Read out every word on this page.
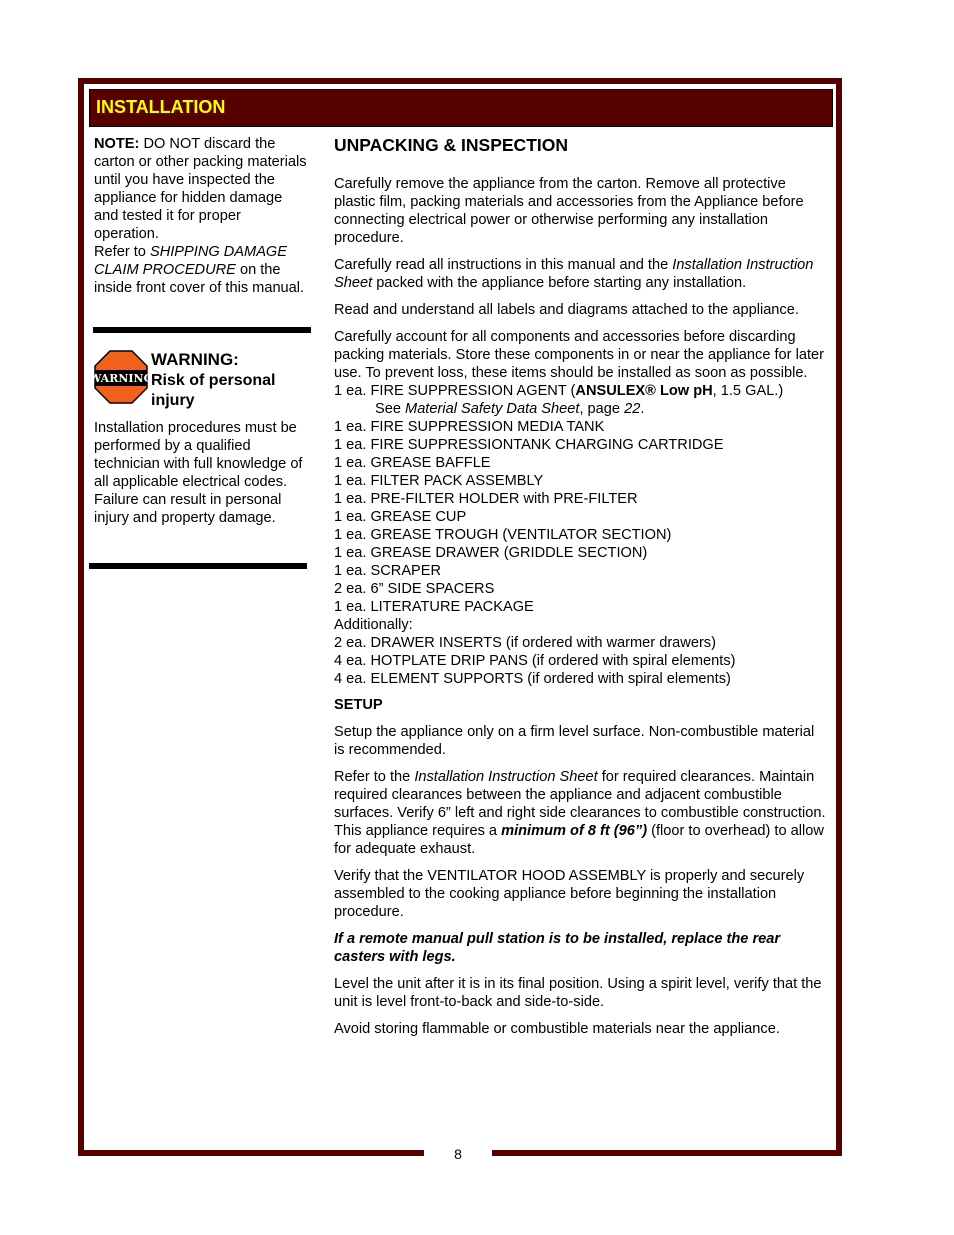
8
INSTALLATION

NOTE: DO NOT discard the carton or other packing materials until you have inspected the appliance for hidden damage and tested it for proper operation.

Refer to SHIPPING DAMAGE CLAIM PROCEDURE on the inside front cover of this manual.

WARNING
WARNING:
Risk of personal injury
Installation procedures must be performed by a qualified technician with full knowledge of all applicable electrical codes. Failure can result in personal injury and property damage.
UNPACKING & INSPECTION

Carefully remove the appliance from the carton. Remove all protective plastic film, packing materials and accessories from the Appliance before connecting electrical power or otherwise performing any installation procedure.

Carefully read all instructions in this manual and the Installation Instruction Sheet packed with the appliance before starting any installation.

Read and understand all labels and diagrams attached to the appliance.

Carefully account for all components and accessories before discarding packing materials. Store these components in or near the appliance for later use. To prevent loss, these items should be installed as soon as possible.

1 ea. FIRE SUPPRESSION AGENT (ANSULEX® Low pH, 1.5 GAL.)
See Material Safety Data Sheet, page 22.
1 ea. FIRE SUPPRESSION MEDIA TANK
1 ea. FIRE SUPPRESSIONTANK CHARGING CARTRIDGE
1 ea. GREASE BAFFLE
1 ea. FILTER PACK ASSEMBLY
1 ea. PRE-FILTER HOLDER with PRE-FILTER
1 ea. GREASE CUP
1 ea. GREASE TROUGH (VENTILATOR SECTION)
1 ea. GREASE DRAWER (GRIDDLE SECTION)
1 ea. SCRAPER
2 ea. 6” SIDE SPACERS
1 ea. LITERATURE PACKAGE
Additionally:
2 ea. DRAWER INSERTS (if ordered with warmer drawers)
4 ea. HOTPLATE DRIP PANS (if ordered with spiral elements)
4 ea. ELEMENT SUPPORTS (if ordered with spiral elements)

SETUP

Setup the appliance only on a firm level surface. Non-combustible material is recommended.

Refer to the Installation Instruction Sheet for required clearances. Maintain required clearances between the appliance and adjacent combustible surfaces. Verify 6” left and right side clearances to combustible construction. This appliance requires a minimum of 8 ft (96”) (floor to overhead) to allow for adequate exhaust.

Verify that the VENTILATOR HOOD ASSEMBLY is properly and securely assembled to the cooking appliance before beginning the installation procedure.

If a remote manual pull station is to be installed, replace the rear casters with legs.

Level the unit after it is in its final position. Using a spirit level, verify that the unit is level front-to-back and side-to-side.

Avoid storing flammable or combustible materials near the appliance.
